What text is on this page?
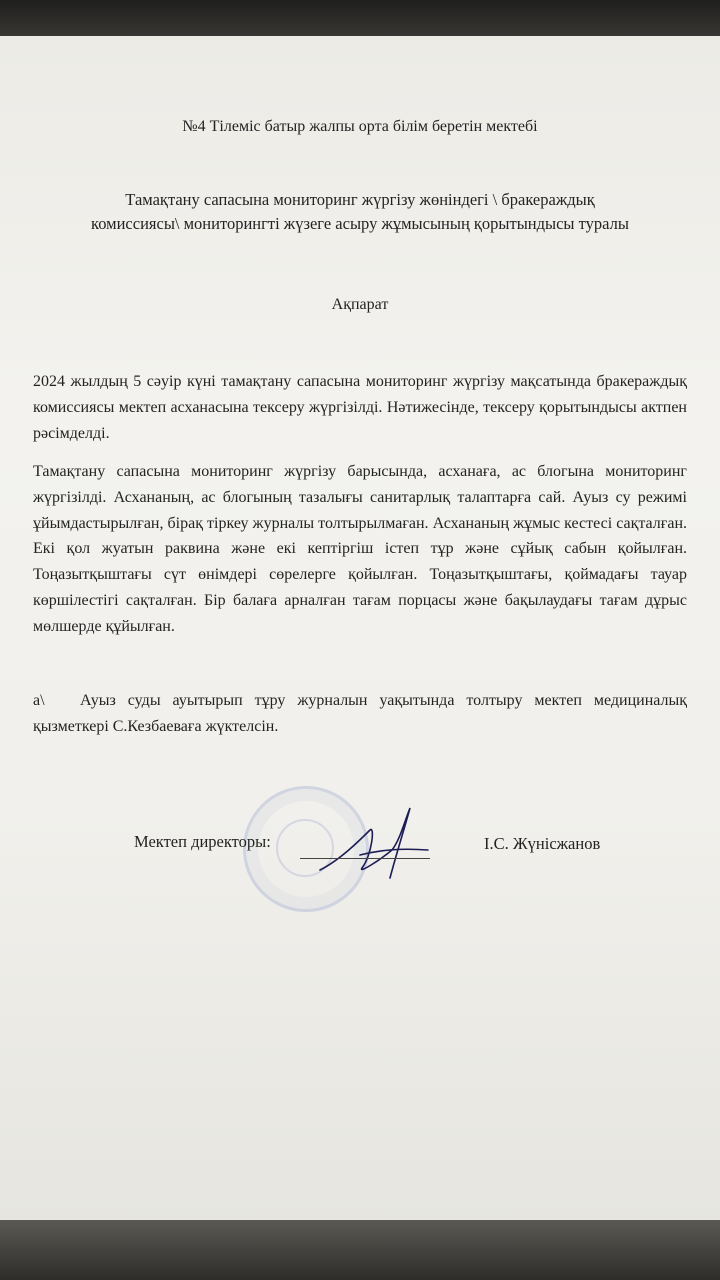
№4 Тілеміс батыр жалпы орта білім беретін мектебі
Тамақтану сапасына мониторинг жүргізу жөніндегі \ бракераждық
комиссиясы\ мониторингті жүзеге асыру жұмысының қорытындысы туралы
Ақпарат
2024 жылдың 5 сәуір күні тамақтану сапасына мониторинг жүргізу мақсатында бракераждық комиссиясы мектеп асханасына тексеру жүргізілді. Нәтижесінде, тексеру қорытындысы актпен рәсімделді.
Тамақтану сапасына мониторинг жүргізу барысында, асханаға, ас блогына мониторинг жүргізілді. Асхананың, ас блогының тазалығы санитарлық талаптарға сай. Ауыз су режимі ұйымдастырылған, бірақ тіркеу журналы толтырылмаған. Асхананың жұмыс кестесі сақталған. Екі қол жуатын раквина және екі кептіргіш істеп тұр және сұйық сабын қойылған. Тоңазытқыштағы сүт өнімдері сөрелерге қойылған. Тоңазытқыштағы, қоймадағы тауар көршілестігі сақталған. Бір балаға арналған тағам порцасы және бақылаудағы тағам дұрыс мөлшерде құйылған.
а\ Ауыз суды ауытырып тұру журналын уақытында толтыру мектеп медициналық қызметкері С.Кезбаеваға жүктелсін.
Мектеп директоры:	І.С. Жүнісжанов
